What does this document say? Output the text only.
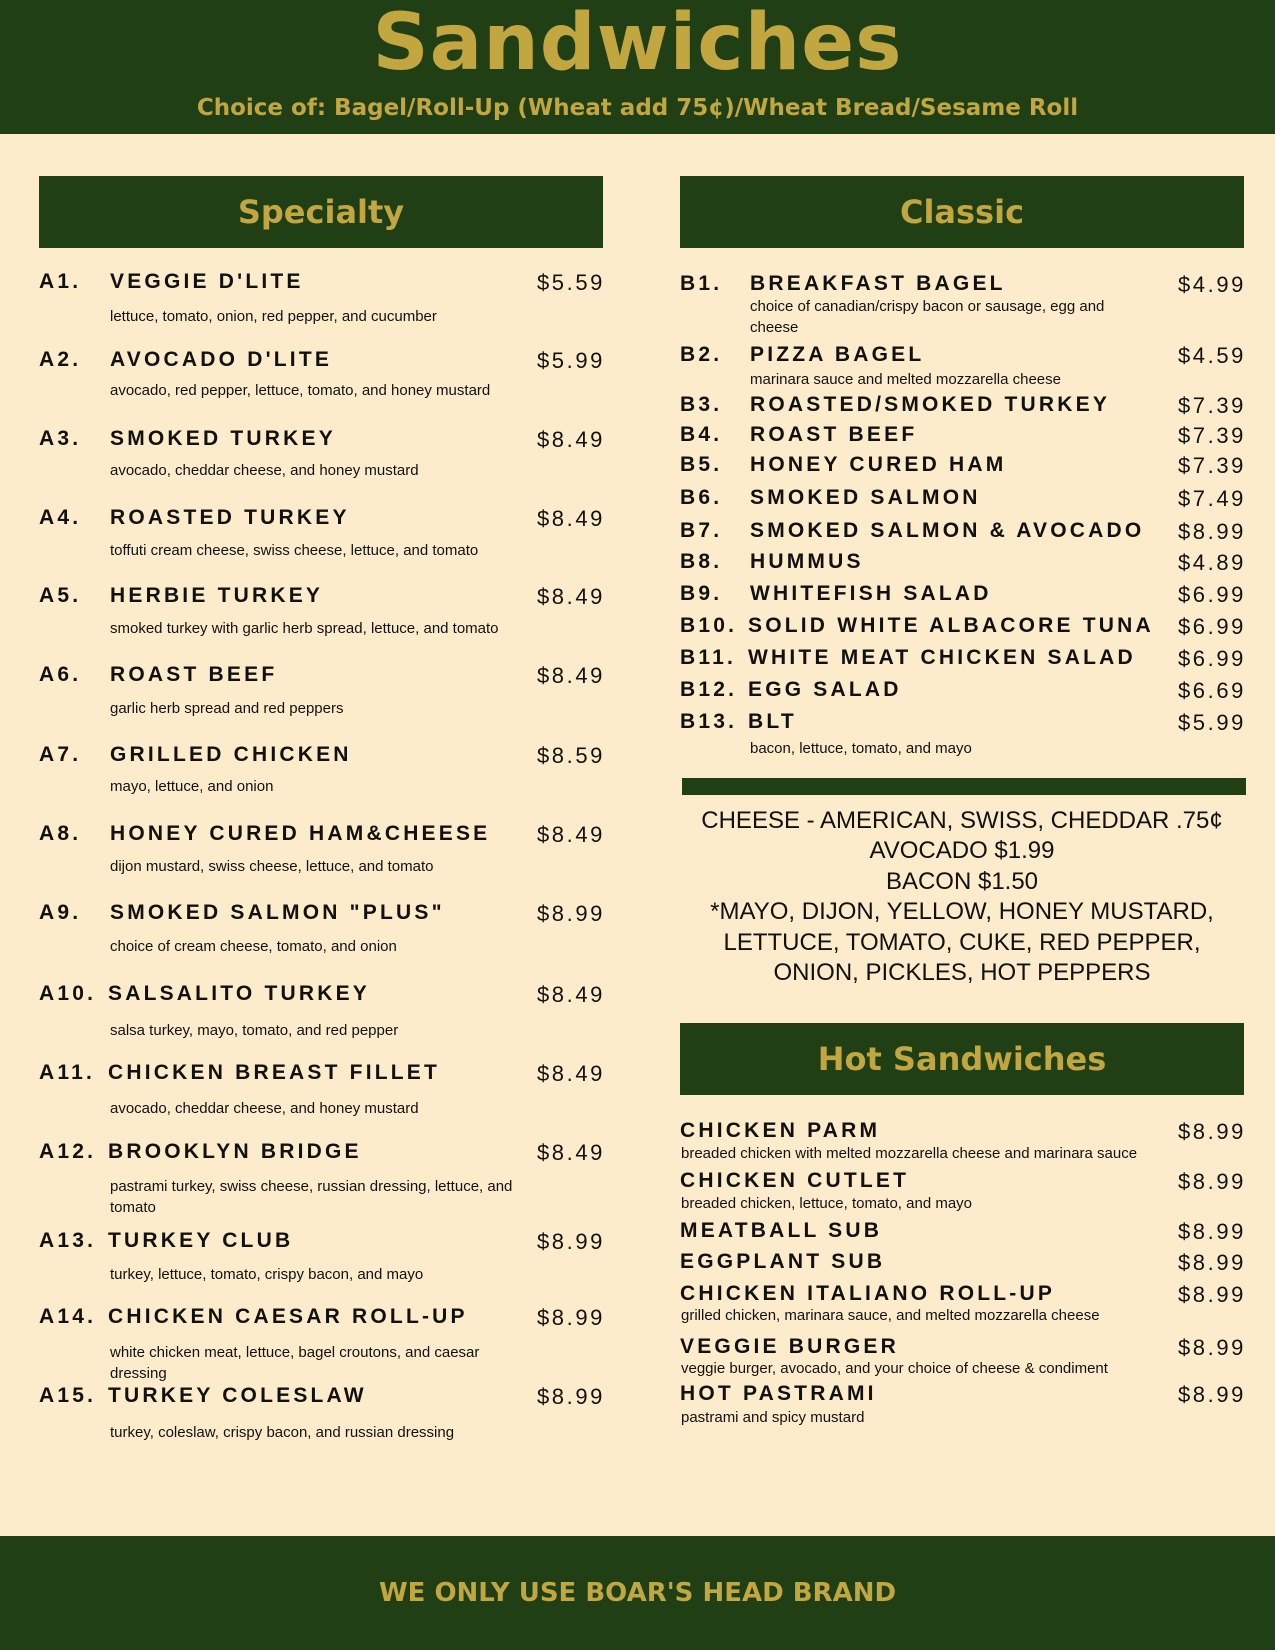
Sandwiches
Choice of: Bagel/Roll-Up (Wheat add 75¢)/Wheat Bread/Sesame Roll
Specialty	Classic
A1. VEGGIE D'LITE	$5.59
lettuce, tomato, onion, red pepper, and cucumber
A2. AVOCADO D'LITE	$5.99
avocado, red pepper, lettuce, tomato, and honey mustard
A3. SMOKED TURKEY	$8.49
avocado, cheddar cheese, and honey mustard
A4. ROASTED TURKEY	$8.49
toffuti cream cheese, swiss cheese, lettuce, and tomato
A5. HERBIE TURKEY	$8.49
smoked turkey with garlic herb spread, lettuce, and tomato
A6. ROAST BEEF	$8.49
garlic herb spread and red peppers
A7. GRILLED CHICKEN	$8.59
mayo, lettuce, and onion
A8. HONEY CURED HAM&CHEESE $8.49
dijon mustard, swiss cheese, lettuce, and tomato
A9. SMOKED SALMON "PLUS"	$8.99
choice of cream cheese, tomato, and onion
A10. SALSALITO TURKEY	$8.49
salsa turkey, mayo, tomato, and red pepper
A11. CHICKEN BREAST FILLET	$8.49
avocado, cheddar cheese, and honey mustard
A12. BROOKLYN BRIDGE	$8.49
pastrami turkey, swiss cheese, russian dressing, lettuce, and tomato
A13. TURKEY CLUB	$8.99
turkey, lettuce, tomato, crispy bacon, and mayo
A14. CHICKEN CAESAR ROLL-UP	$8.99
white chicken meat, lettuce, bagel croutons, and caesar dressing
A15. TURKEY COLESLAW	$8.99
turkey, coleslaw, crispy bacon, and russian dressing
B1. BREAKFAST BAGEL	$4.99
choice of canadian/crispy bacon or sausage, egg and cheese
B2. PIZZA BAGEL	$4.59
marinara sauce and melted mozzarella cheese
B3. ROASTED/SMOKED TURKEY	$7.39
B4. ROAST BEEF	$7.39
B5. HONEY CURED HAM	$7.39
B6. SMOKED SALMON	$7.49
B7. SMOKED SALMON & AVOCADO $8.99
B8. HUMMUS	$4.89
B9. WHITEFISH SALAD	$6.99
B10. SOLID WHITE ALBACORE TUNA $6.99
B11. WHITE MEAT CHICKEN SALAD $6.99
B12. EGG SALAD	$6.69
B13. BLT	$5.99
bacon, lettuce, tomato, and mayo
CHEESE - AMERICAN, SWISS, CHEDDAR .75¢
AVOCADO $1.99
BACON $1.50
*MAYO, DIJON, YELLOW, HONEY MUSTARD,
LETTUCE, TOMATO, CUKE, RED PEPPER,
ONION, PICKLES, HOT PEPPERS
Hot Sandwiches
CHICKEN PARM	$8.99
breaded chicken with melted mozzarella cheese and marinara sauce
CHICKEN CUTLET	$8.99
breaded chicken, lettuce, tomato, and mayo
MEATBALL SUB	$8.99
EGGPLANT SUB	$8.99
CHICKEN ITALIANO ROLL-UP	$8.99
grilled chicken, marinara sauce, and melted mozzarella cheese
VEGGIE BURGER	$8.99
veggie burger, avocado, and your choice of cheese & condiment
HOT PASTRAMI	$8.99
pastrami and spicy mustard
WE ONLY USE BOAR'S HEAD BRAND
